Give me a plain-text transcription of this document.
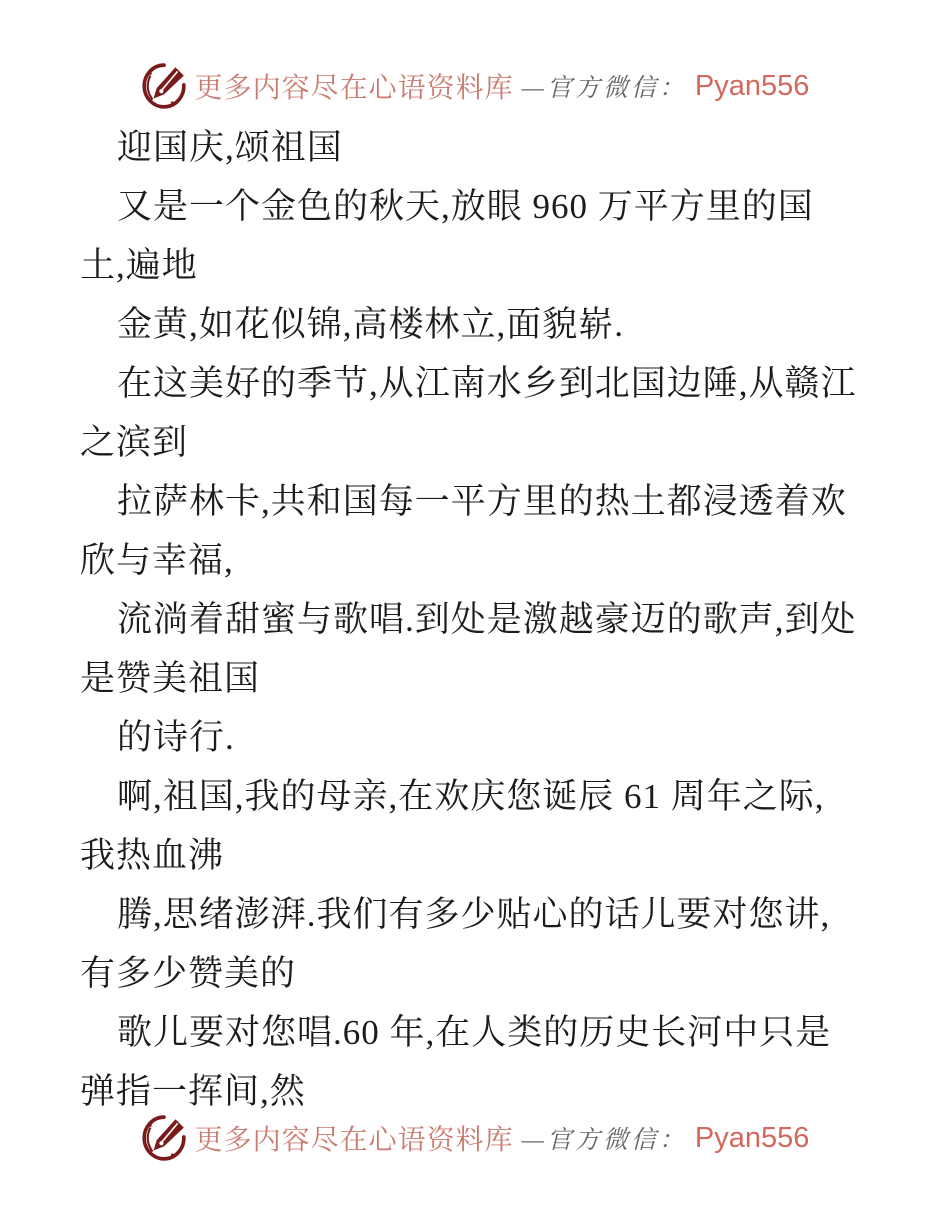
更多内容尽在心语资料库 —官方微信： Pyan556
迎国庆,颂祖国
又是一个金色的秋天,放眼 960 万平方里的国
土,遍地
金黄,如花似锦,高楼林立,面貌崭.
在这美好的季节,从江南水乡到北国边陲,从赣江
之滨到
拉萨林卡,共和国每一平方里的热土都浸透着欢
欣与幸福,
流淌着甜蜜与歌唱.到处是激越豪迈的歌声,到处
是赞美祖国
的诗行.
啊,祖国,我的母亲,在欢庆您诞辰 61 周年之际,
我热血沸
腾,思绪澎湃.我们有多少贴心的话儿要对您讲,
有多少赞美的
歌儿要对您唱.60 年,在人类的历史长河中只是
弹指一挥间,然
更多内容尽在心语资料库 —官方微信： Pyan556
